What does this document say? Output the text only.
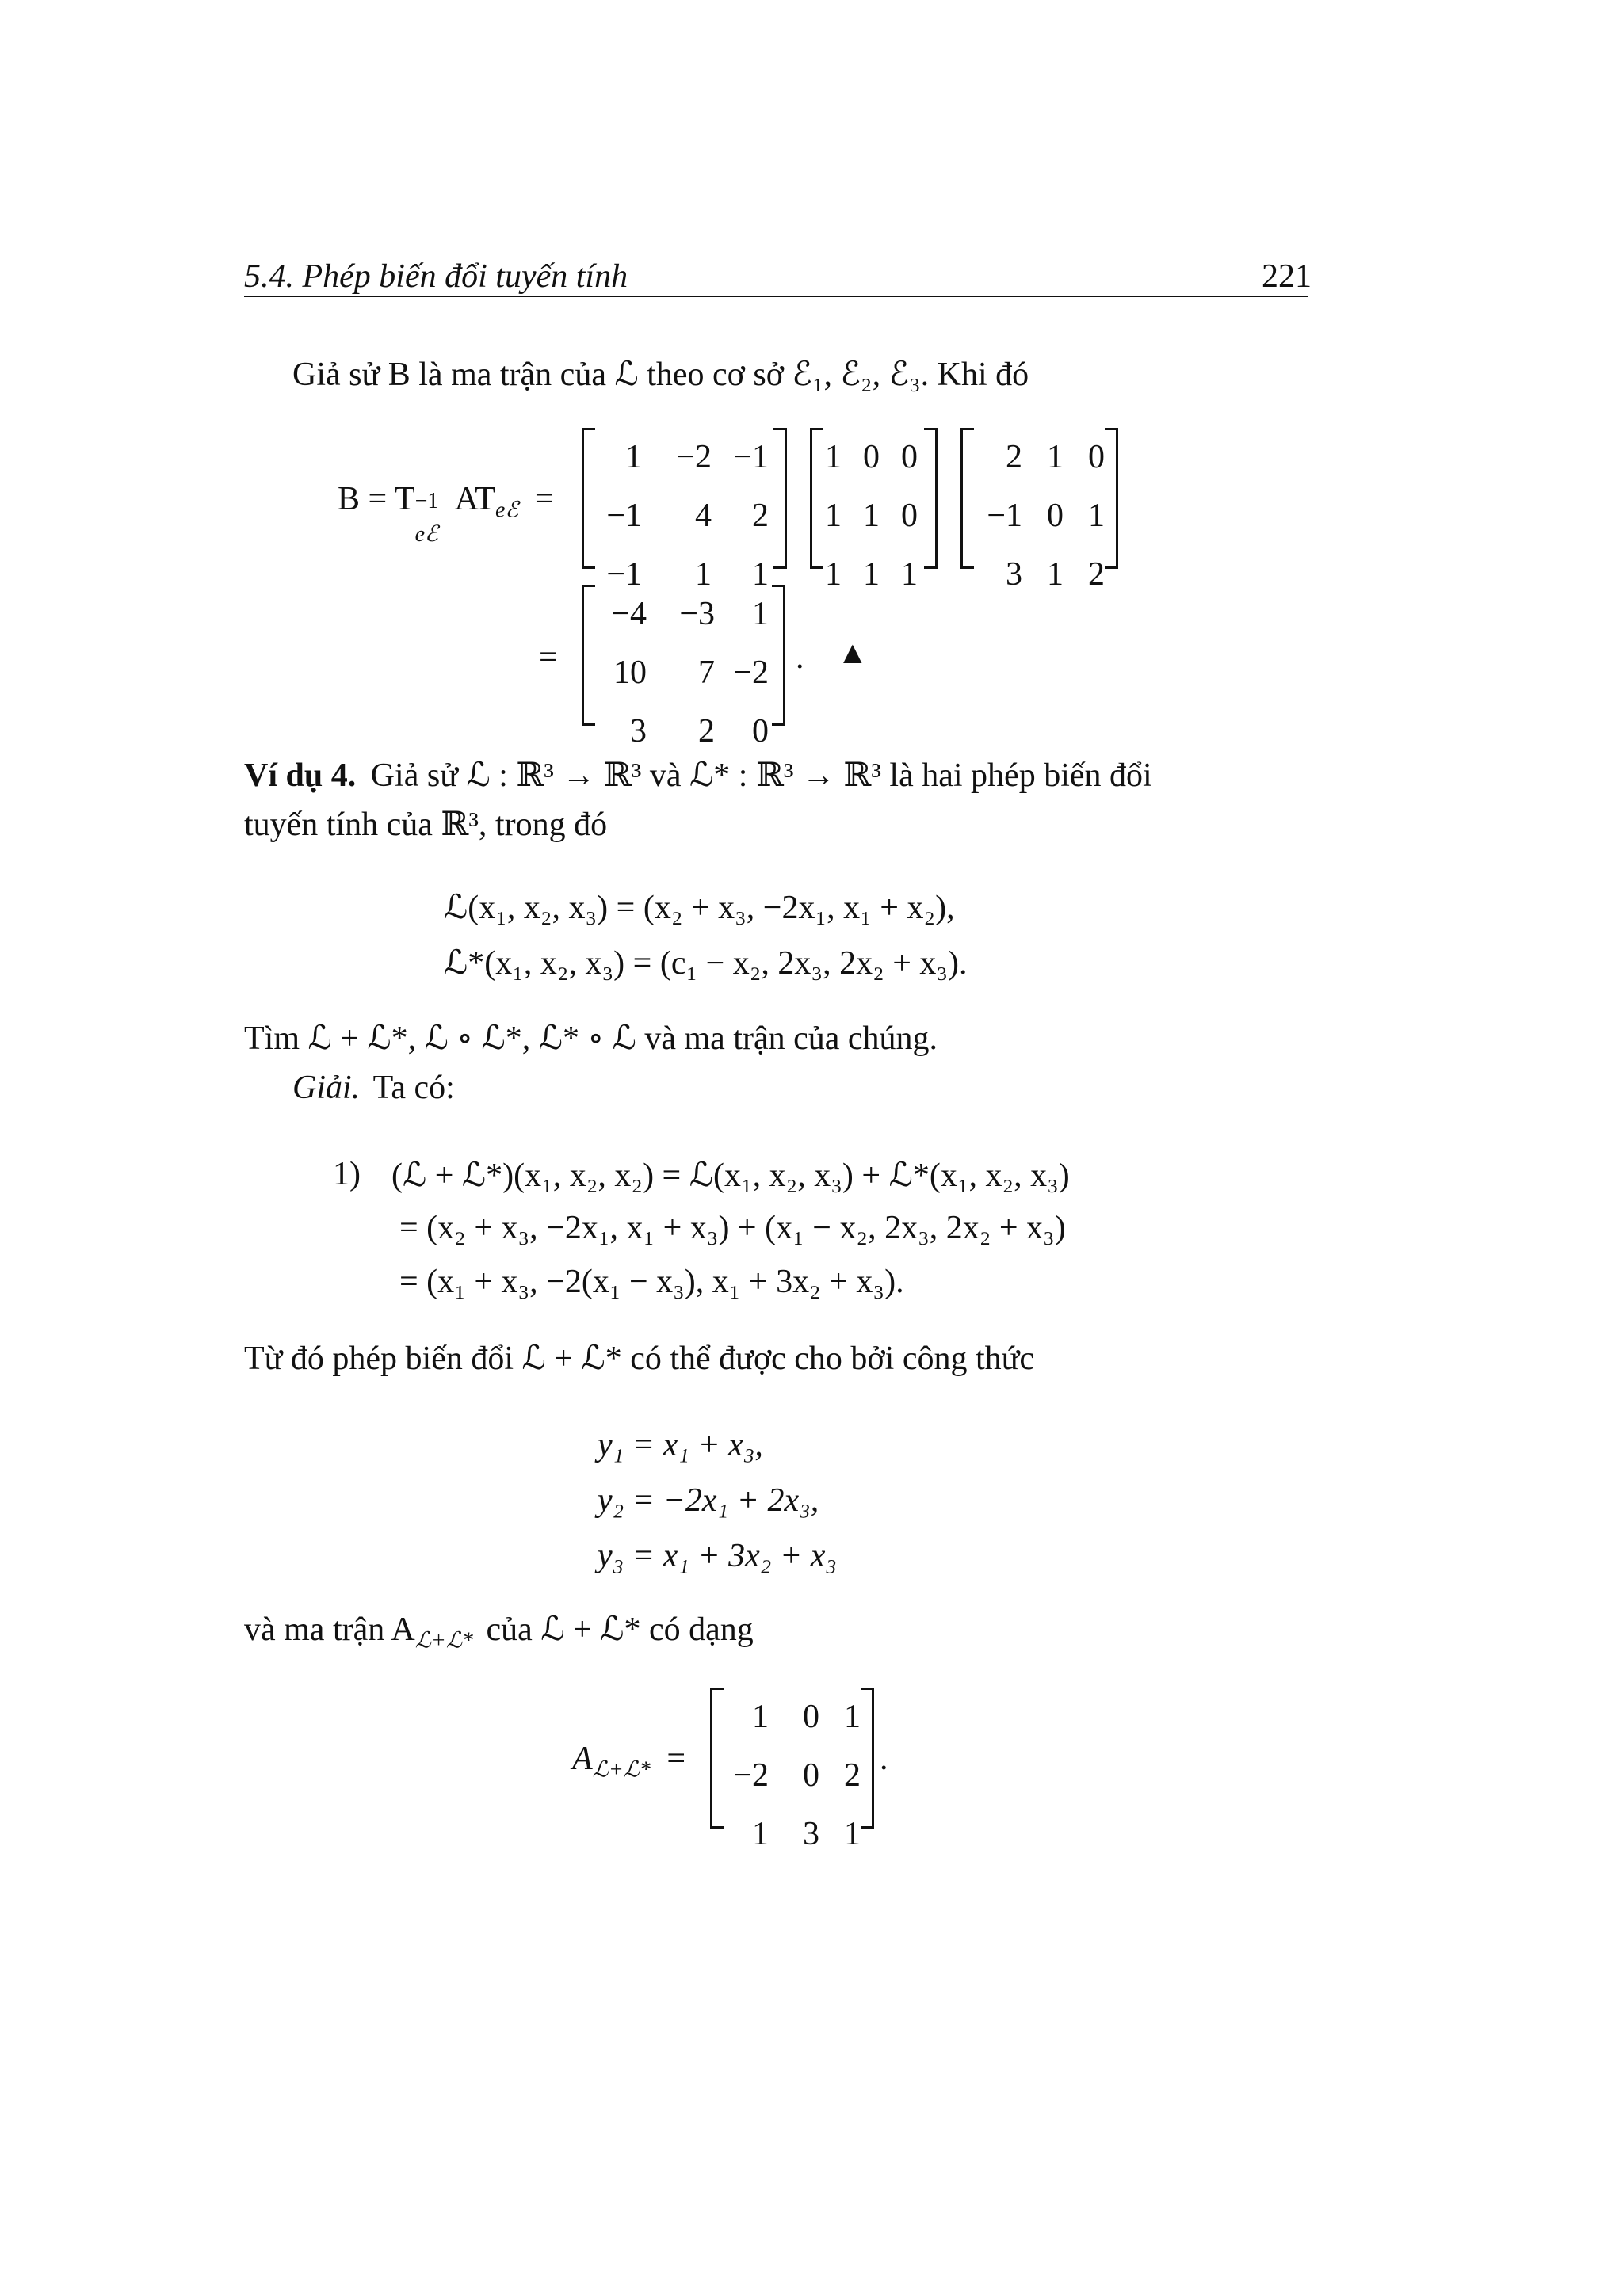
5.4. Phép biến đổi tuyến tính	221
Giả sử B là ma trận của ℒ theo cơ sở ℰ₁, ℰ₂, ℰ₃. Khi đó
B = T −1
eℰ
$AT_{eℰ}$ =
1	−2 −1
−1	4	2
−1	1	1
1 0 0
1 1 0
1 1 1
2 1 0
−1 0 1
3 1 2
=
−4 −3	1
10	7 −2
3	2	0
. ▲
Ví dụ 4. Giả sử ℒ : ℝ³ → ℝ³ và ℒ* : ℝ³ → ℝ³ là hai phép biến đổi
tuyến tính của ℝ³, trong đó
ℒ(x₁, x₂, x₃) = (x₂ + x₃, −2x₁, x₁ + x₂),
ℒ*(x₁, x₂, x₃) = (c₁ − x₂, 2x₃, 2x₂ + x₃).
Tìm ℒ + ℒ*, ℒ ∘ ℒ*, ℒ* ∘ ℒ và ma trận của chúng.
Giải. Ta có:
1) (ℒ + ℒ*)(x₁, x₂, x₂) = ℒ(x₁, x₂, x₃) + ℒ*(x₁, x₂, x₃)
= (x₂ + x₃, −2x₁, x₁ + x₃) + (x₁ − x₂, 2x₃, 2x₂ + x₃)
= (x₁ + x₃, −2(x₁ − x₃), x₁ + 3x₂ + x₃).
Từ đó phép biến đổi ℒ + ℒ* có thể được cho bởi công thức
y₁ = x₁ + x₃,
y₂ = −2x₁ + 2x₃,
y₃ = x₁ + 3x₂ + x₃
và ma trận $A_{ℒ+ℒ*}$ của ℒ + ℒ* có dạng
$A_{ℒ+ℒ*}$ =
1	0 1
−2	0 2
1	3 1
.
